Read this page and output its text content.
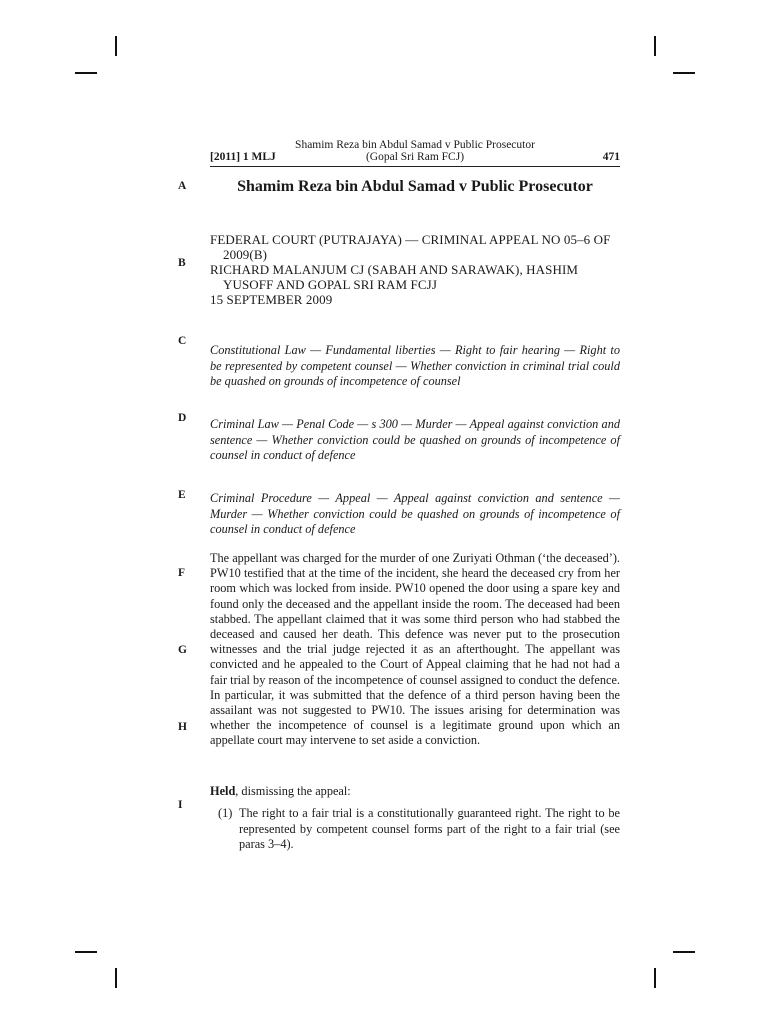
[2011] 1 MLJ
Shamim Reza bin Abdul Samad v Public Prosecutor
(Gopal Sri Ram FCJ)	471
A
B
C
D
E
F
G
H
I
Shamim Reza bin Abdul Samad v Public Prosecutor
FEDERAL COURT (PUTRAJAYA) — CRIMINAL APPEAL NO 05–6 OF 2009(B)
RICHARD MALANJUM CJ (SABAH AND SARAWAK), HASHIM YUSOFF AND GOPAL SRI RAM FCJJ
15 SEPTEMBER 2009
Constitutional Law — Fundamental liberties — Right to fair hearing — Right to be represented by competent counsel — Whether conviction in criminal trial could be quashed on grounds of incompetence of counsel
Criminal Law — Penal Code — s 300 — Murder — Appeal against conviction and sentence — Whether conviction could be quashed on grounds of incompetence of counsel in conduct of defence
Criminal Procedure — Appeal — Appeal against conviction and sentence — Murder — Whether conviction could be quashed on grounds of incompetence of counsel in conduct of defence
The appellant was charged for the murder of one Zuriyati Othman (‘the deceased’). PW10 testified that at the time of the incident, she heard the deceased cry from her room which was locked from inside. PW10 opened the door using a spare key and found only the deceased and the appellant inside the room. The deceased had been stabbed. The appellant claimed that it was some third person who had stabbed the deceased and caused her death. This defence was never put to the prosecution witnesses and the trial judge rejected it as an afterthought. The appellant was convicted and he appealed to the Court of Appeal claiming that he had not had a fair trial by reason of the incompetence of counsel assigned to conduct the defence. In particular, it was submitted that the defence of a third person having been the assailant was not suggested to PW10. The issues arising for determination was whether the incompetence of counsel is a legitimate ground upon which an appellate court may intervene to set aside a conviction.
Held, dismissing the appeal:
(1) The right to a fair trial is a constitutionally guaranteed right. The right to be represented by competent counsel forms part of the right to a fair trial (see paras 3–4).
